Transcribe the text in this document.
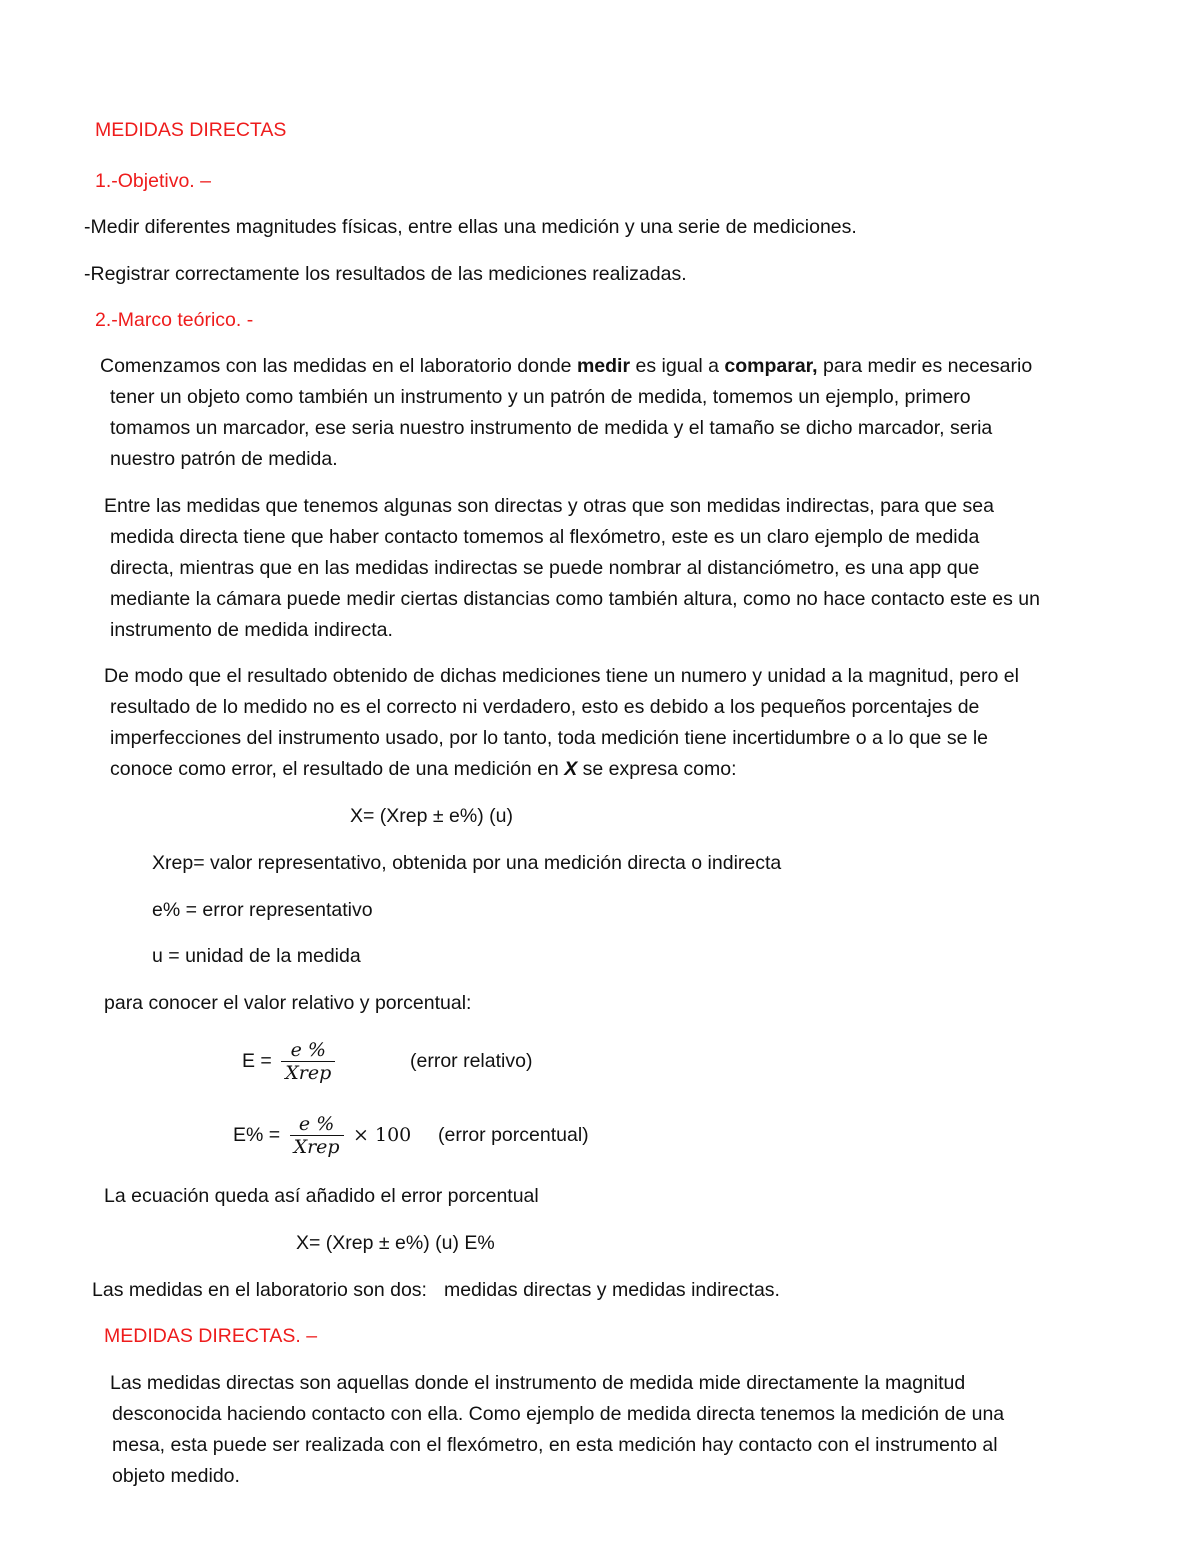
MEDIDAS DIRECTAS
1.-Objetivo. –
-Medir diferentes magnitudes físicas, entre ellas una medición y una serie de mediciones.
-Registrar correctamente los resultados de las mediciones realizadas.
2.-Marco teórico. -
Comenzamos con las medidas en el laboratorio donde medir es igual a comparar, para medir es necesario
tener un objeto como también un instrumento y un patrón de medida, tomemos un ejemplo, primero
tomamos un marcador, ese seria nuestro instrumento de medida y el tamaño se dicho marcador, seria
nuestro patrón de medida.
Entre las medidas que tenemos algunas son directas y otras que son medidas indirectas, para que sea
medida directa tiene que haber contacto tomemos al flexómetro, este es un claro ejemplo de medida
directa, mientras que en las medidas indirectas se puede nombrar al distanciómetro, es una app que
mediante la cámara puede medir ciertas distancias como también altura, como no hace contacto este es un
instrumento de medida indirecta.
De modo que el resultado obtenido de dichas mediciones tiene un numero y unidad a la magnitud, pero el
resultado de lo medido no es el correcto ni verdadero, esto es debido a los pequeños porcentajes de
imperfecciones del instrumento usado, por lo tanto, toda medición tiene incertidumbre o a lo que se le
conoce como error, el resultado de una medición en X se expresa como:
X= (Xrep ± e%) (u)
Xrep= valor representativo, obtenida por una medición directa o indirecta
e% = error representativo
u = unidad de la medida
para conocer el valor relativo y porcentual:
$E = \frac{e \%}{\text{Xrep}}$	(error relativo)
$E\% = \frac{e \%}{\text{Xrep}} \times 100$ (error porcentual)
La ecuación queda así añadido el error porcentual
X= (Xrep ± e%) (u) E%
Las medidas en el laboratorio son dos: medidas directas y medidas indirectas.
MEDIDAS DIRECTAS. –
Las medidas directas son aquellas donde el instrumento de medida mide directamente la magnitud
desconocida haciendo contacto con ella. Como ejemplo de medida directa tenemos la medición de una
mesa, esta puede ser realizada con el flexómetro, en esta medición hay contacto con el instrumento al
objeto medido.
